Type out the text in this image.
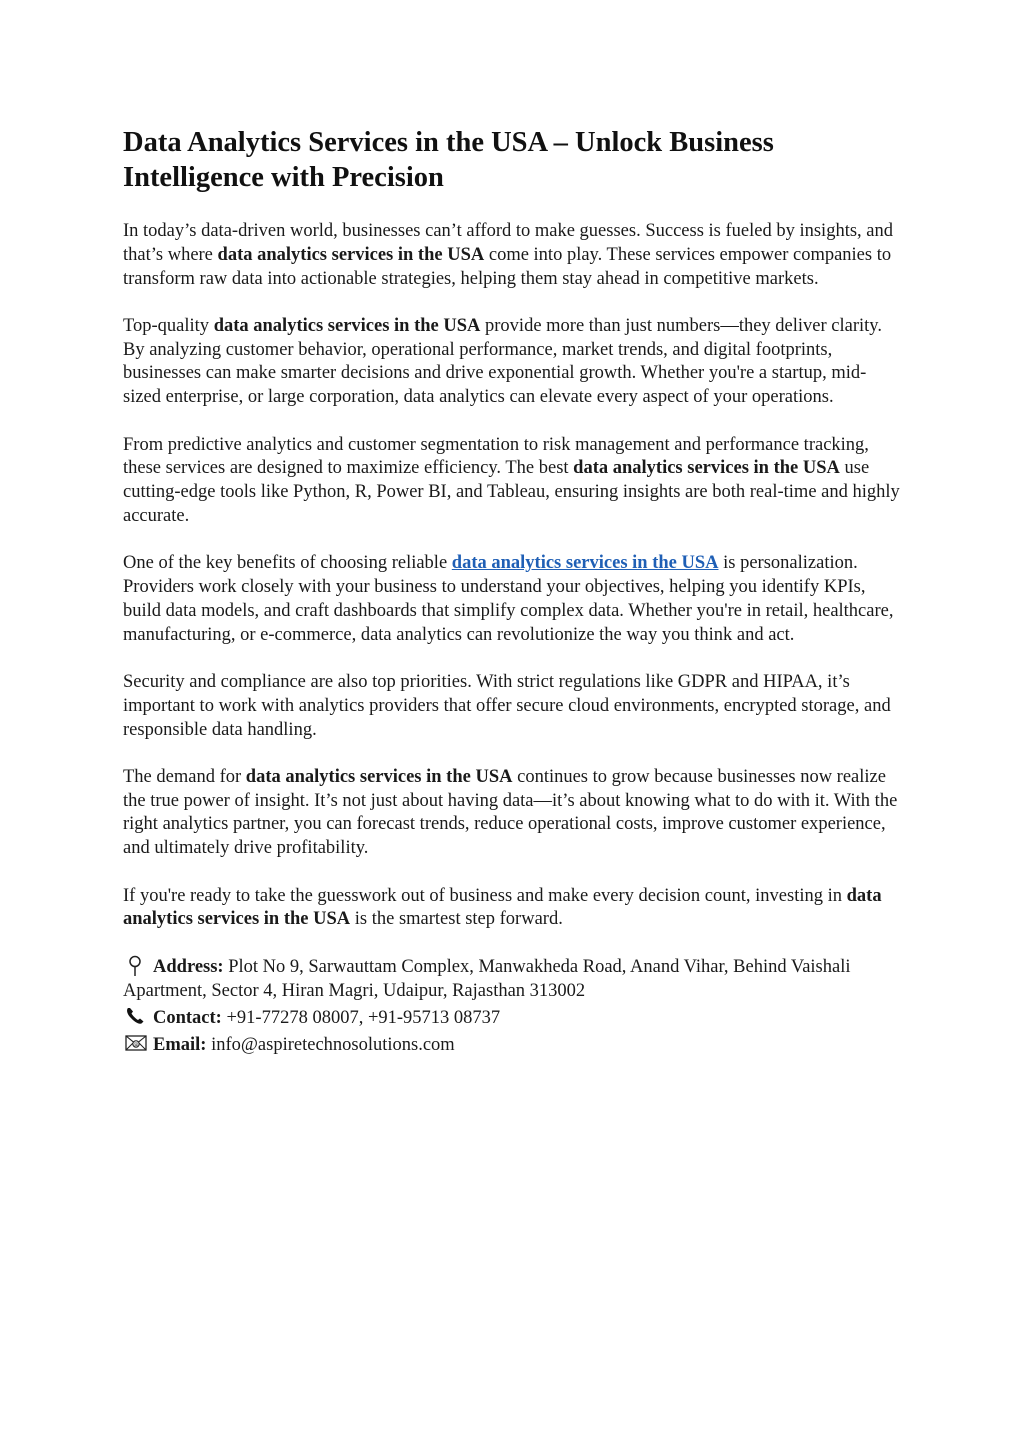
Data Analytics Services in the USA – Unlock Business Intelligence with Precision

In today’s data-driven world, businesses can’t afford to make guesses. Success is fueled by insights, and that’s where data analytics services in the USA come into play. These services empower companies to transform raw data into actionable strategies, helping them stay ahead in competitive markets.

Top-quality data analytics services in the USA provide more than just numbers—they deliver clarity. By analyzing customer behavior, operational performance, market trends, and digital footprints, businesses can make smarter decisions and drive exponential growth. Whether you're a startup, mid-sized enterprise, or large corporation, data analytics can elevate every aspect of your operations.

From predictive analytics and customer segmentation to risk management and performance tracking, these services are designed to maximize efficiency. The best data analytics services in the USA use cutting-edge tools like Python, R, Power BI, and Tableau, ensuring insights are both real-time and highly accurate.

One of the key benefits of choosing reliable data analytics services in the USA is personalization. Providers work closely with your business to understand your objectives, helping you identify KPIs, build data models, and craft dashboards that simplify complex data. Whether you're in retail, healthcare, manufacturing, or e-commerce, data analytics can revolutionize the way you think and act.

Security and compliance are also top priorities. With strict regulations like GDPR and HIPAA, it’s important to work with analytics providers that offer secure cloud environments, encrypted storage, and responsible data handling.

The demand for data analytics services in the USA continues to grow because businesses now realize the true power of insight. It’s not just about having data—it’s about knowing what to do with it. With the right analytics partner, you can forecast trends, reduce operational costs, improve customer experience, and ultimately drive profitability.

If you're ready to take the guesswork out of business and make every decision count, investing in data analytics services in the USA is the smartest step forward.

Address: Plot No 9, Sarwauttam Complex, Manwakheda Road, Anand Vihar, Behind Vaishali Apartment, Sector 4, Hiran Magri, Udaipur, Rajasthan 313002
Contact: +91-77278 08007, +91-95713 08737
@ Email: info@aspiretechnosolutions.com
